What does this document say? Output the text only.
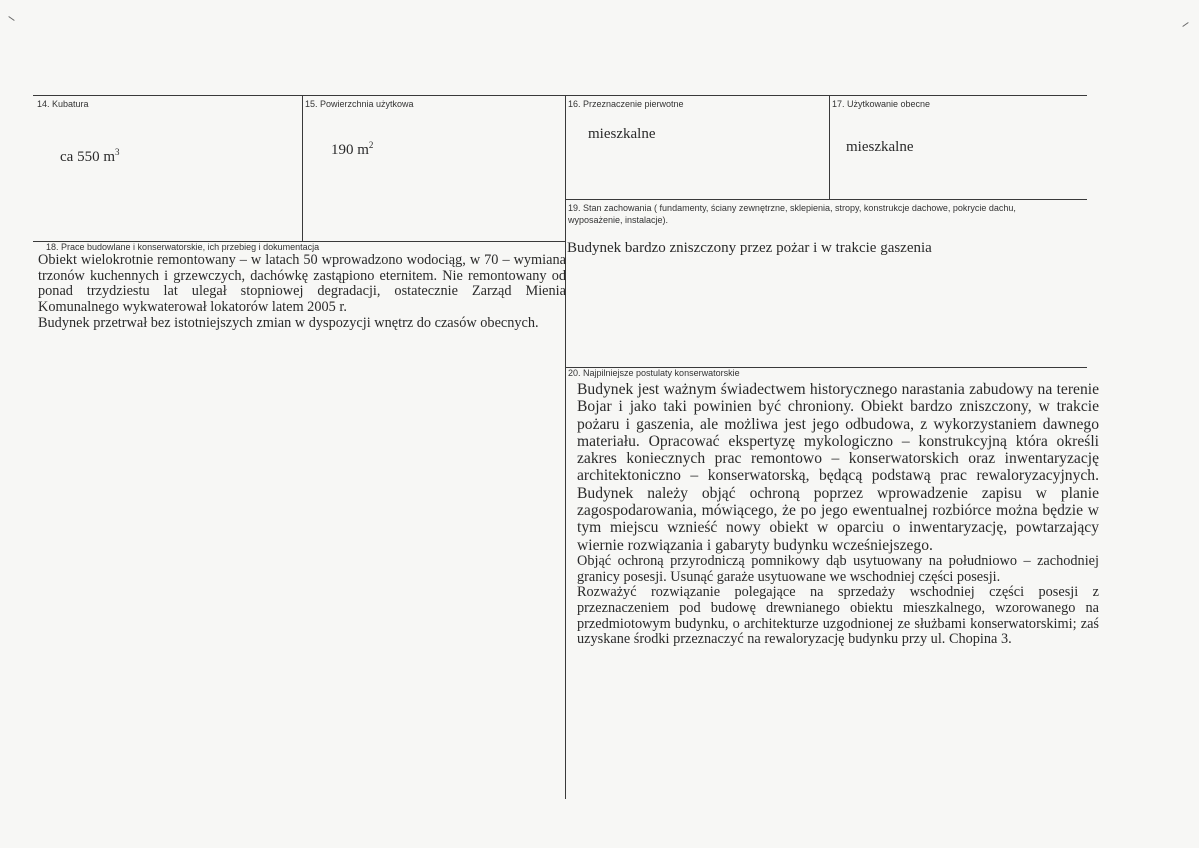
14. Kubatura
ca 550 $m^3$
15. Powierzchnia użytkowa
190 $m^2$
16. Przeznaczenie pierwotne
mieszkalne
17. Użytkowanie obecne
mieszkalne
19. Stan zachowania ( fundamenty, ściany zewnętrzne, sklepienia, stropy, konstrukcje dachowe, pokrycie dachu,
wyposażenie, instalacje).
Budynek bardzo zniszczony przez pożar i w trakcie gaszenia
18. Prace budowlane i konserwatorskie, ich przebieg i dokumentacja

Obiekt wielokrotnie remontowany – w latach 50 wprowadzono wodociąg, w 70 – wymiana trzonów kuchennych i grzewczych, dachówkę zastąpiono eternitem. Nie remontowany od ponad trzydziestu lat ulegał stopniowej degradacji, ostatecznie Zarząd Mienia Komunalnego wykwaterował lokatorów latem 2005 r.

Budynek przetrwał bez istotniejszych zmian w dyspozycji wnętrz do czasów obecnych.

20. Najpilniejsze postulaty konserwatorskie

Budynek jest ważnym świadectwem historycznego narastania zabudowy na terenie Bojar i jako taki powinien być chroniony. Obiekt bardzo zniszczony, w trakcie pożaru i gaszenia, ale możliwa jest jego odbudowa, z wykorzystaniem dawnego materiału. Opracować ekspertyzę mykologiczno – konstrukcyjną która określi zakres koniecznych prac remontowo – konserwatorskich oraz inwentaryzację architektoniczno – konserwatorską, będącą podstawą prac rewaloryzacyjnych. Budynek należy objąć ochroną poprzez wprowadzenie zapisu w planie zagospodarowania, mówiącego, że po jego ewentualnej rozbiórce można będzie w tym miejscu wznieść nowy obiekt w oparciu o inwentaryzację, powtarzający wiernie rozwiązania i gabaryty budynku wcześniejszego.

Objąć ochroną przyrodniczą pomnikowy dąb usytuowany na południowo – zachodniej granicy posesji. Usunąć garaże usytuowane we wschodniej części posesji.

Rozważyć rozwiązanie polegające na sprzedaży wschodniej części posesji z przeznaczeniem pod budowę drewnianego obiektu mieszkalnego, wzorowanego na przedmiotowym budynku, o architekturze uzgodnionej ze służbami konserwatorskimi; zaś uzyskane środki przeznaczyć na rewaloryzację budynku przy ul. Chopina 3.
